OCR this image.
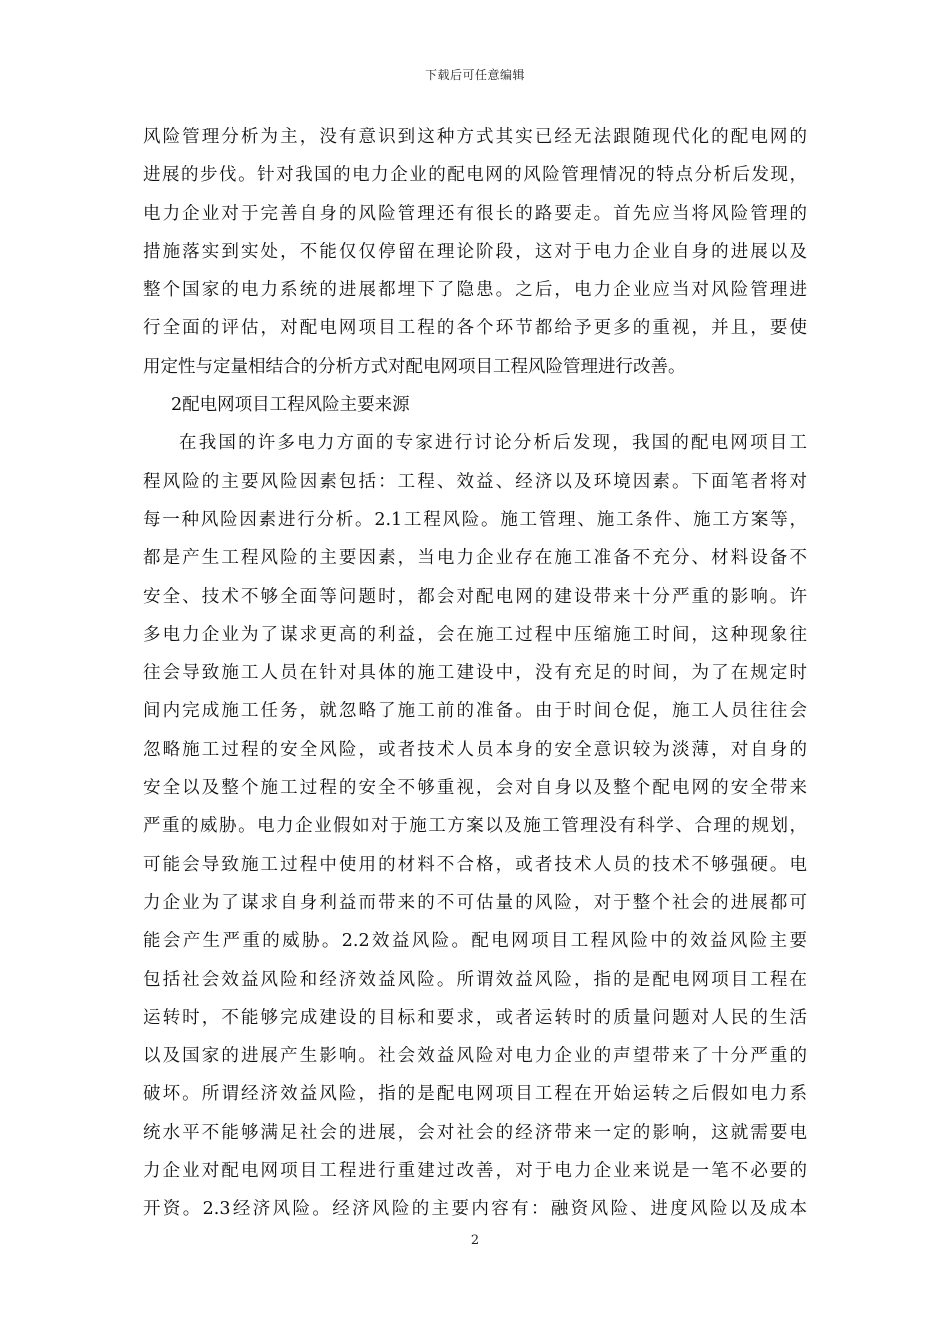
下载后可任意编辑
风险管理分析为主，没有意识到这种方式其实已经无法跟随现代化的配电网的
进展的步伐。针对我国的电力企业的配电网的风险管理情况的特点分析后发现，
电力企业对于完善自身的风险管理还有很长的路要走。首先应当将风险管理的
措施落实到实处，不能仅仅停留在理论阶段，这对于电力企业自身的进展以及
整个国家的电力系统的进展都埋下了隐患。之后，电力企业应当对风险管理进
行全面的评估，对配电网项目工程的各个环节都给予更多的重视，并且，要使
用定性与定量相结合的分析方式对配电网项目工程风险管理进行改善。
2配电网项目工程风险主要来源
在我国的许多电力方面的专家进行讨论分析后发现，我国的配电网项目工
程风险的主要风险因素包括：工程、效益、经济以及环境因素。下面笔者将对
每一种风险因素进行分析。2.1工程风险。施工管理、施工条件、施工方案等，
都是产生工程风险的主要因素，当电力企业存在施工准备不充分、材料设备不
安全、技术不够全面等问题时，都会对配电网的建设带来十分严重的影响。许
多电力企业为了谋求更高的利益，会在施工过程中压缩施工时间，这种现象往
往会导致施工人员在针对具体的施工建设中，没有充足的时间，为了在规定时
间内完成施工任务，就忽略了施工前的准备。由于时间仓促，施工人员往往会
忽略施工过程的安全风险，或者技术人员本身的安全意识较为淡薄，对自身的
安全以及整个施工过程的安全不够重视，会对自身以及整个配电网的安全带来
严重的威胁。电力企业假如对于施工方案以及施工管理没有科学、合理的规划，
可能会导致施工过程中使用的材料不合格，或者技术人员的技术不够强硬。电
力企业为了谋求自身利益而带来的不可估量的风险，对于整个社会的进展都可
能会产生严重的威胁。2.2效益风险。配电网项目工程风险中的效益风险主要
包括社会效益风险和经济效益风险。所谓效益风险，指的是配电网项目工程在
运转时，不能够完成建设的目标和要求，或者运转时的质量问题对人民的生活
以及国家的进展产生影响。社会效益风险对电力企业的声望带来了十分严重的
破坏。所谓经济效益风险，指的是配电网项目工程在开始运转之后假如电力系
统水平不能够满足社会的进展，会对社会的经济带来一定的影响，这就需要电
力企业对配电网项目工程进行重建过改善，对于电力企业来说是一笔不必要的
开资。2.3经济风险。经济风险的主要内容有：融资风险、进度风险以及成本
2
